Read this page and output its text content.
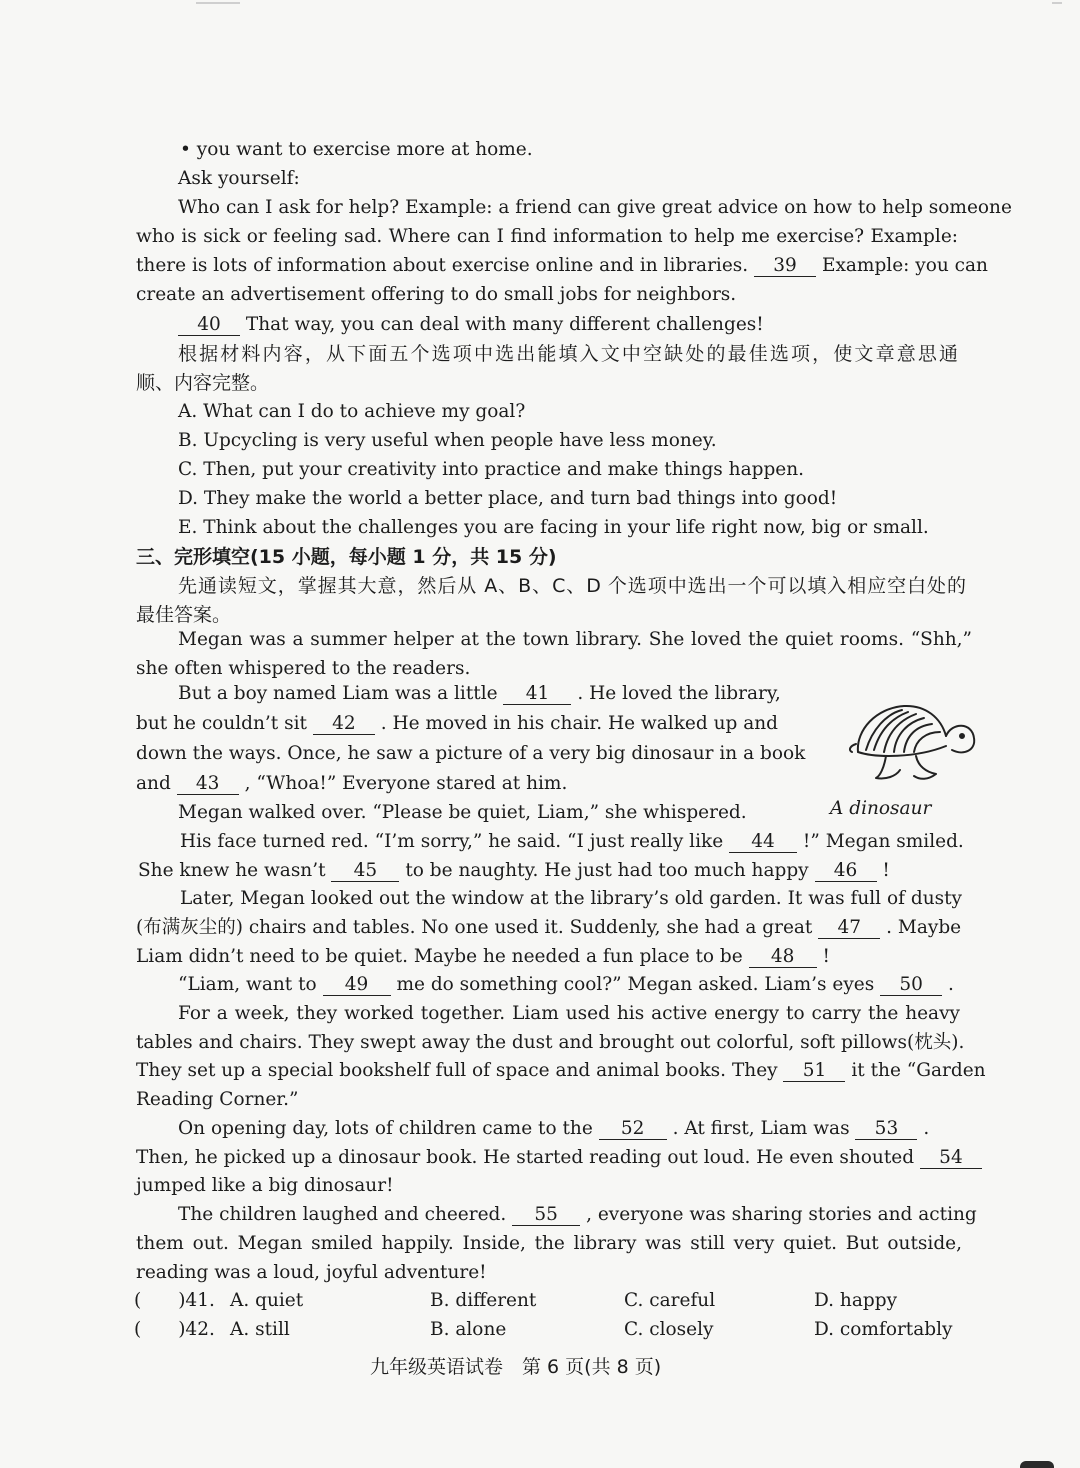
• you want to exercise more at home.
Ask yourself:
Who can I ask for help? Example: a friend can give great advice on how to help someone
who is sick or feeling sad. Where can I find information to help me exercise? Example:
there is lots of information about exercise online and in libraries. 39 Example: you can
create an advertisement offering to do small jobs for neighbors.
40 That way, you can deal with many different challenges!
根据材料内容，从下面五个选项中选出能填入文中空缺处的最佳选项，使文章意思通
顺、内容完整。
A. What can I do to achieve my goal?
B. Upcycling is very useful when people have less money.
C. Then, put your creativity into practice and make things happen.
D. They make the world a better place, and turn bad things into good!
E. Think about the challenges you are facing in your life right now, big or small.
三、完形填空(15 小题，每小题 1 分，共 15 分)
先通读短文，掌握其大意，然后从 A、B、C、D 个选项中选出一个可以填入相应空白处的
最佳答案。
Megan was a summer helper at the town library. She loved the quiet rooms. “Shh,”
she often whispered to the readers.
But a boy named Liam was a little 41 . He loved the library,
but he couldn’t sit 42 . He moved in his chair. He walked up and
down the ways. Once, he saw a picture of a very big dinosaur in a book
and 43 , “Whoa!” Everyone stared at him.
Megan walked over. “Please be quiet, Liam,” she whispered.	A dinosaur
His face turned red. “I’m sorry,” he said. “I just really like 44 !” Megan smiled.
She knew he wasn’t 45 to be naughty. He just had too much happy 46 !
Later, Megan looked out the window at the library’s old garden. It was full of dusty
(布满灰尘的) chairs and tables. No one used it. Suddenly, she had a great 47 . Maybe
Liam didn’t need to be quiet. Maybe he needed a fun place to be 48 !
“Liam, want to 49 me do something cool?” Megan asked. Liam’s eyes 50 .
For a week, they worked together. Liam used his active energy to carry the heavy
tables and chairs. They swept away the dust and brought out colorful, soft pillows(枕头).
They set up a special bookshelf full of space and animal books. They 51 it the “Garden
Reading Corner.”
On opening day, lots of children came to the 52 . At first, Liam was 53 .
Then, he picked up a dinosaur book. He started reading out loud. He even shouted 54
jumped like a big dinosaur!
The children laughed and cheered. 55 , everyone was sharing stories and acting
them out. Megan smiled happily. Inside, the library was still very quiet. But outside,
reading was a loud, joyful adventure!
(　　)41. A. quiet	B. different	C. careful	D. happy
(　　)42. A. still	B. alone	C. closely	D. comfortably
九年级英语试卷　第 6 页(共 8 页)
